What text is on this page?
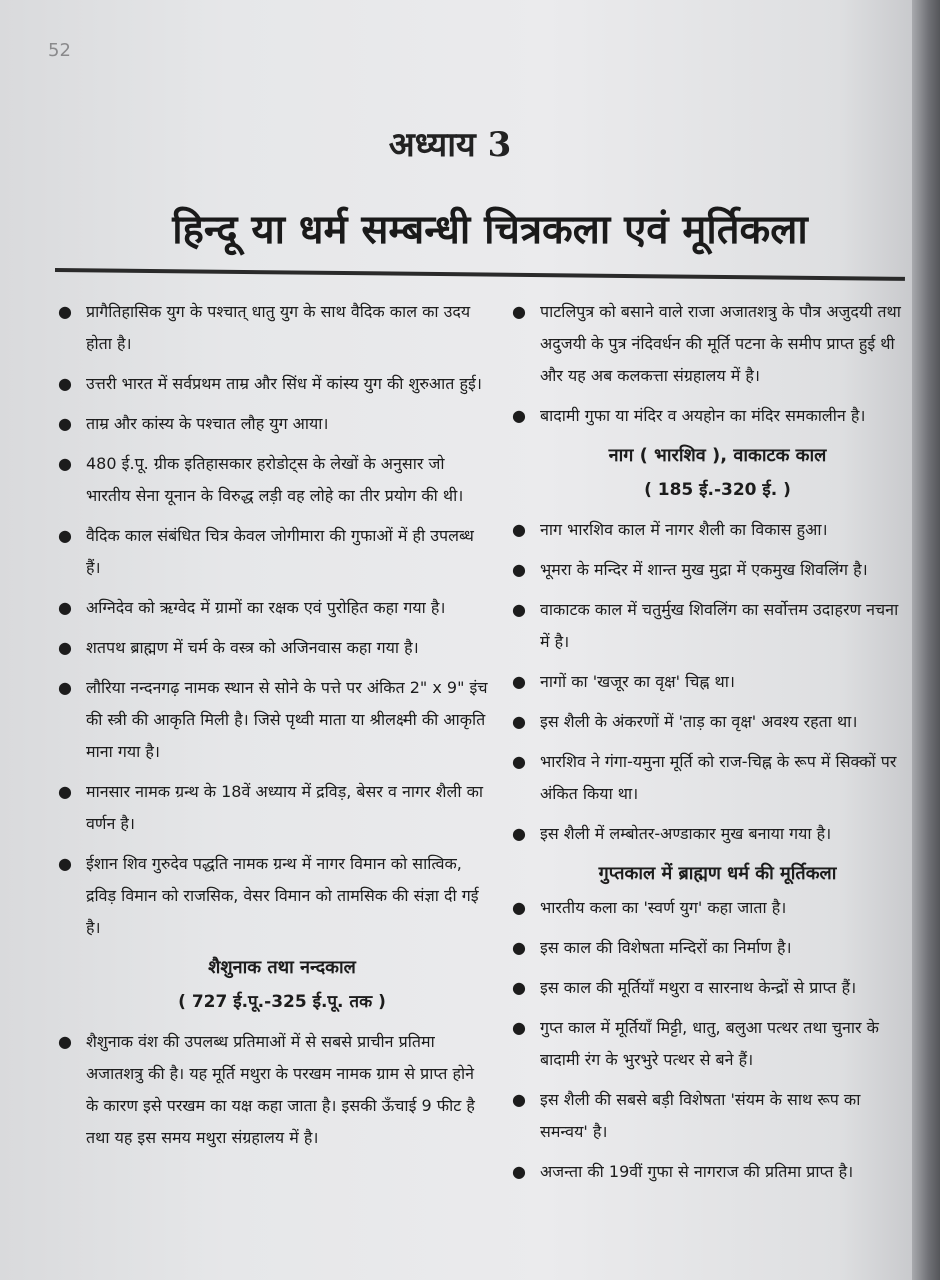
52
अध्याय 3
हिन्दू या धर्म सम्बन्धी चित्रकला एवं मूर्तिकला
● प्रागैतिहासिक युग के पश्चात् धातु युग के साथ वैदिक काल का उदय होता है।
● उत्तरी भारत में सर्वप्रथम ताम्र और सिंध में कांस्य युग की शुरुआत हुई।
● ताम्र और कांस्य के पश्चात लौह युग आया।
● 480 ई.पू. ग्रीक इतिहासकार हरोडोट्स के लेखों के अनुसार जो भारतीय सेना यूनान के विरुद्ध लड़ी वह लोहे का तीर प्रयोग की थी।
● वैदिक काल संबंधित चित्र केवल जोगीमारा की गुफाओं में ही उपलब्ध हैं।
● अग्निदेव को ऋग्वेद में ग्रामों का रक्षक एवं पुरोहित कहा गया है।
● शतपथ ब्राह्मण में चर्म के वस्त्र को अजिनवास कहा गया है।
● लौरिया नन्दनगढ़ नामक स्थान से सोने के पत्ते पर अंकित 2" x 9" इंच की स्त्री की आकृति मिली है। जिसे पृथ्वी माता या श्रीलक्ष्मी की आकृति माना गया है।
● मानसार नामक ग्रन्थ के 18वें अध्याय में द्रविड़, बेसर व नागर शैली का वर्णन है।
● ईशान शिव गुरुदेव पद्धति नामक ग्रन्थ में नागर विमान को सात्विक, द्रविड़ विमान को राजसिक, वेसर विमान को तामसिक की संज्ञा दी गई है।
शैशुनाक तथा नन्दकाल
( 727 ई.पू.-325 ई.पू. तक )
● शैशुनाक वंश की उपलब्ध प्रतिमाओं में से सबसे प्राचीन प्रतिमा अजातशत्रु की है। यह मूर्ति मथुरा के परखम नामक ग्राम से प्राप्त होने के कारण इसे परखम का यक्ष कहा जाता है। इसकी ऊँचाई 9 फीट है तथा यह इस समय मथुरा संग्रहालय में है।
● पाटलिपुत्र को बसाने वाले राजा अजातशत्रु के पौत्र अजुदयी तथा अदुजयी के पुत्र नंदिवर्धन की मूर्ति पटना के समीप प्राप्त हुई थी और यह अब कलकत्ता संग्रहालय में है।
● बादामी गुफा या मंदिर व अयहोन का मंदिर समकालीन है।
नाग ( भारशिव ), वाकाटक काल
( 185 ई.-320 ई. )
● नाग भारशिव काल में नागर शैली का विकास हुआ।
● भूमरा के मन्दिर में शान्त मुख मुद्रा में एकमुख शिवलिंग है।
● वाकाटक काल में चतुर्मुख शिवलिंग का सर्वोत्तम उदाहरण नचना में है।
● नागों का 'खजूर का वृक्ष' चिह्न था।
● इस शैली के अंकरणों में 'ताड़ का वृक्ष' अवश्य रहता था।
● भारशिव ने गंगा-यमुना मूर्ति को राज-चिह्न के रूप में सिक्कों पर अंकित किया था।
● इस शैली में लम्बोतर-अण्डाकार मुख बनाया गया है।
गुप्तकाल में ब्राह्मण धर्म की मूर्तिकला
● भारतीय कला का 'स्वर्ण युग' कहा जाता है।
● इस काल की विशेषता मन्दिरों का निर्माण है।
● इस काल की मूर्तियाँ मथुरा व सारनाथ केन्द्रों से प्राप्त हैं।
● गुप्त काल में मूर्तियाँ मिट्टी, धातु, बलुआ पत्थर तथा चुनार के बादामी रंग के भुरभुरे पत्थर से बने हैं।
● इस शैली की सबसे बड़ी विशेषता 'संयम के साथ रूप का समन्वय' है।
● अजन्ता की 19वीं गुफा से नागराज की प्रतिमा प्राप्त है।
